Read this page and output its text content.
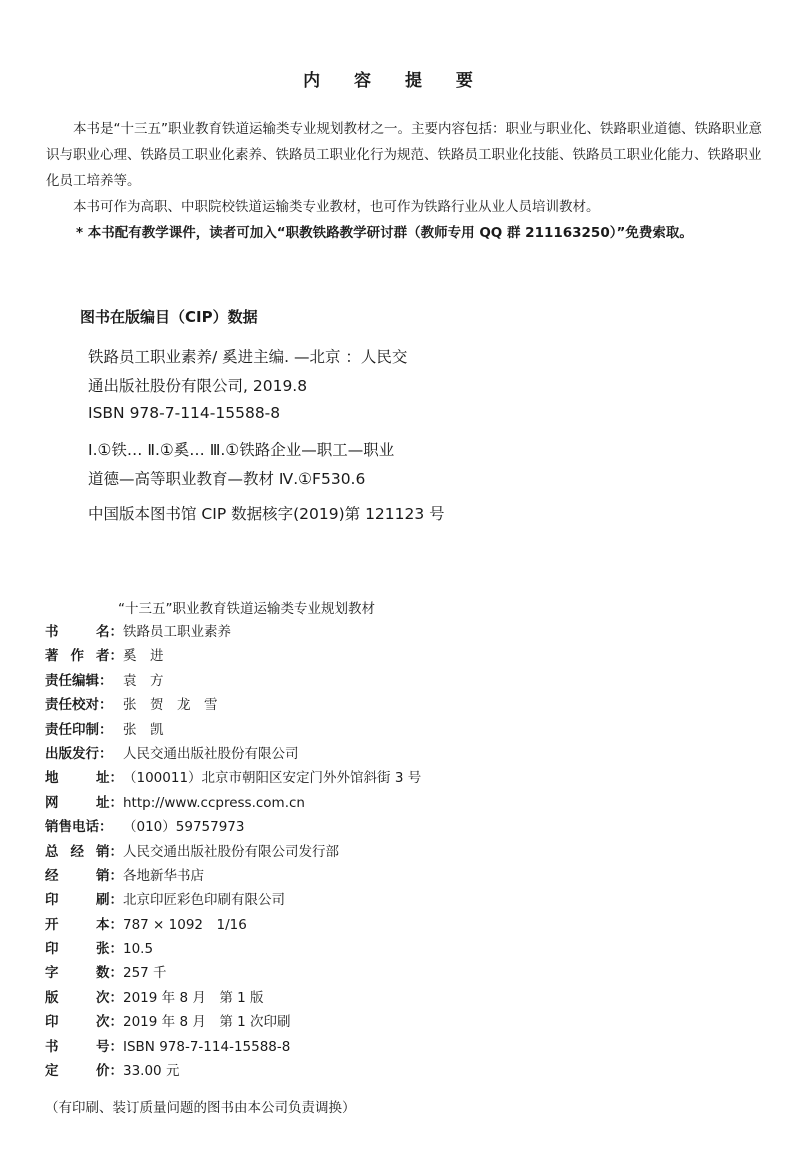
内 容 提 要
本书是“十三五”职业教育铁道运输类专业规划教材之一。主要内容包括：职业与职业化、铁路职业道德、铁路职业意识与职业心理、铁路员工职业化素养、铁路员工职业化行为规范、铁路员工职业化技能、铁路员工职业化能力、铁路职业化员工培养等。
本书可作为高职、中职院校铁道运输类专业教材，也可作为铁路行业从业人员培训教材。
* 本书配有教学课件，读者可加入“职教铁路教学研讨群（教师专用 QQ 群 211163250）”免费索取。
图书在版编目（CIP）数据
铁路员工职业素养/ 奚进主编. —北京 ：人民交
通出版社股份有限公司, 2019.8
ISBN 978-7-114-15588-8
Ⅰ.①铁… Ⅱ.①奚… Ⅲ.①铁路企业—职工—职业
道德—高等职业教育—教材 Ⅳ.①F530.6
中国版本图书馆 CIP 数据核字(2019)第 121123 号
“十三五”职业教育铁道运输类专业规划教材
书	名： 铁路员工职业素养
著 作 者： 奚　进
责任编辑： 袁　方
责任校对： 张　贺　龙　雪
责任印制： 张　凯
出版发行： 人民交通出版社股份有限公司
地	址： （100011）北京市朝阳区安定门外外馆斜街 3 号
网	址： http://www.ccpress.com.cn
销售电话： （010）59757973
总 经 销： 人民交通出版社股份有限公司发行部
经	销： 各地新华书店
印	刷： 北京印匠彩色印刷有限公司
开	本： 787 × 1092　1/16
印	张： 10.5
字	数： 257 千
版	次： 2019 年 8 月　第 1 版
印	次： 2019 年 8 月　第 1 次印刷
书	号： ISBN 978-7-114-15588-8
定	价： 33.00 元
（有印刷、装订质量问题的图书由本公司负责调换）
